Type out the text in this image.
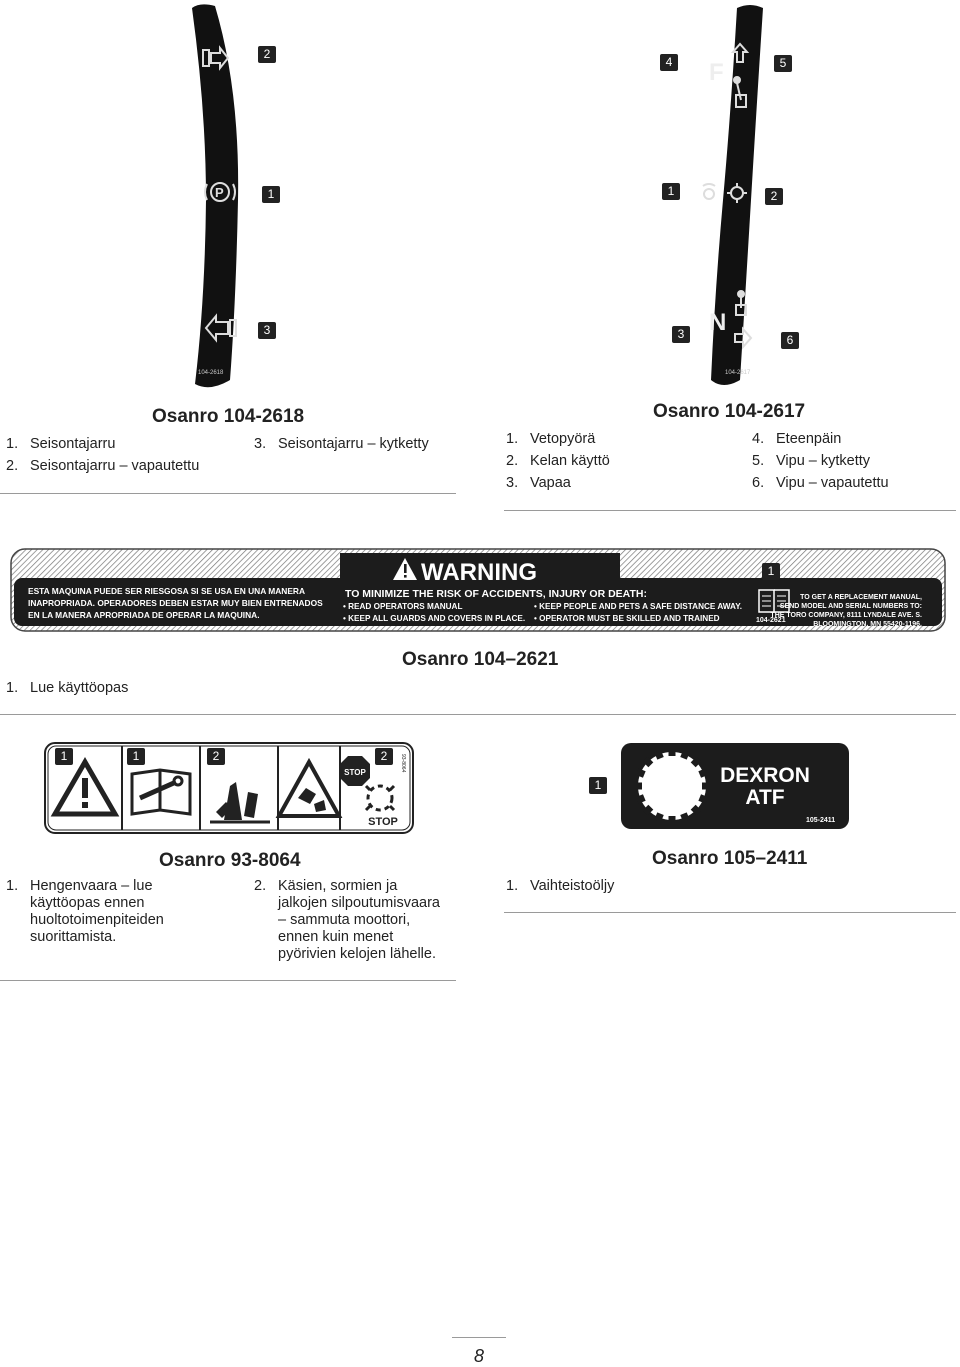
P
104-2618
2
1
3
F
N
104-2617
4	5
1	2
3	6
Osanro 104-2618
1. Seisontajarru
2. Seisontajarru – vapautettu
3. Seisontajarru – kytketty
Osanro 104-2617
1. Vetopyörä
2. Kelan käyttö
3. Vapaa
4. Eteenpäin
5. Vipu – kytketty
6. Vipu – vapautettu
WARNING
ESTA MAQUINA PUEDE SER RIESGOSA SI SE USA EN UNA MANERA
INAPROPRIADA. OPERADORES DEBEN ESTAR MUY BIEN ENTRENADOS
EN LA MANERA APROPRIADA DE OPERAR LA MAQUINA.
TO MINIMIZE THE RISK OF ACCIDENTS, INJURY OR DEATH:
• READ OPERATORS MANUAL
• KEEP ALL GUARDS AND COVERS IN PLACE.
• KEEP PEOPLE AND PETS A SAFE DISTANCE AWAY.
• OPERATOR MUST BE SKILLED AND TRAINED	104-2621
TO GET A REPLACEMENT MANUAL,
SEND MODEL AND SERIAL NUMBERS TO:
THE TORO COMPANY, 8111 LYNDALE AVE. S.
BLOOMINGTON, MN 55420-1196.
1
Osanro 104–2621
1. Lue käyttöopas
STOP
STOP
93-8064
1	1	2	2
DEXRON
ATF
105-2411
1
Osanro 93-8064
1. Hengenvaara – lue
käyttöopas ennen
huoltotoimenpiteiden
suorittamista.
2. Käsien, sormien ja
jalkojen silpoutumisvaara
– sammuta moottori,
ennen kuin menet
pyörivien kelojen lähelle.
Osanro 105–2411
1. Vaihteistoöljy
8
